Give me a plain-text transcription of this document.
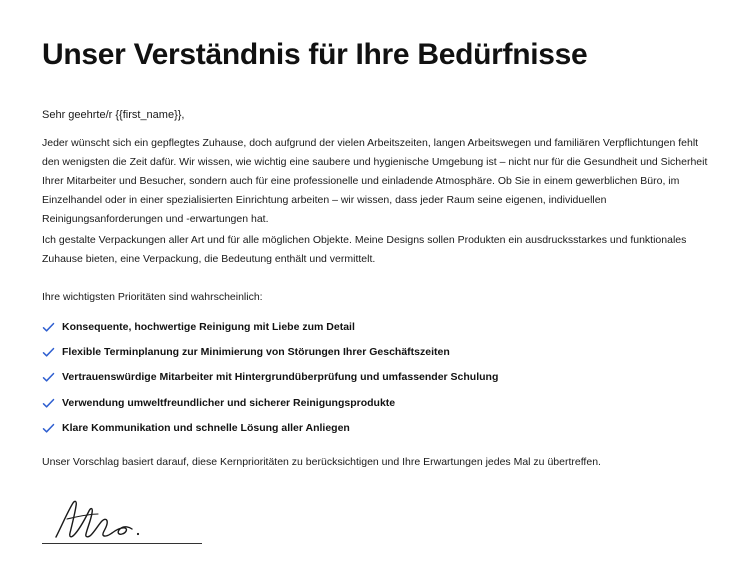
Unser Verständnis für Ihre Bedürfnisse
Sehr geehrte/r {{first_name}},

Jeder wünscht sich ein gepflegtes Zuhause, doch aufgrund der vielen Arbeitszeiten, langen Arbeitswegen und familiären Verpflichtungen fehlt den wenigsten die Zeit dafür. Wir wissen, wie wichtig eine saubere und hygienische Umgebung ist – nicht nur für die Gesundheit und Sicherheit Ihrer Mitarbeiter und Besucher, sondern auch für eine professionelle und einladende Atmosphäre. Ob Sie in einem gewerblichen Büro, im Einzelhandel oder in einer spezialisierten Einrichtung arbeiten – wir wissen, dass jeder Raum seine eigenen, individuellen Reinigungsanforderungen und -erwartungen hat.

Ich gestalte Verpackungen aller Art und für alle möglichen Objekte. Meine Designs sollen Produkten ein ausdrucksstarkes und funktionales Zuhause bieten, eine Verpackung, die Bedeutung enthält und vermittelt.

Ihre wichtigsten Prioritäten sind wahrscheinlich:
Konsequente, hochwertige Reinigung mit Liebe zum Detail
Flexible Terminplanung zur Minimierung von Störungen Ihrer Geschäftszeiten
Vertrauenswürdige Mitarbeiter mit Hintergrundüberprüfung und umfassender Schulung
Verwendung umweltfreundlicher und sicherer Reinigungsprodukte
Klare Kommunikation und schnelle Lösung aller Anliegen
Unser Vorschlag basiert darauf, diese Kernprioritäten zu berücksichtigen und Ihre Erwartungen jedes Mal zu übertreffen.
